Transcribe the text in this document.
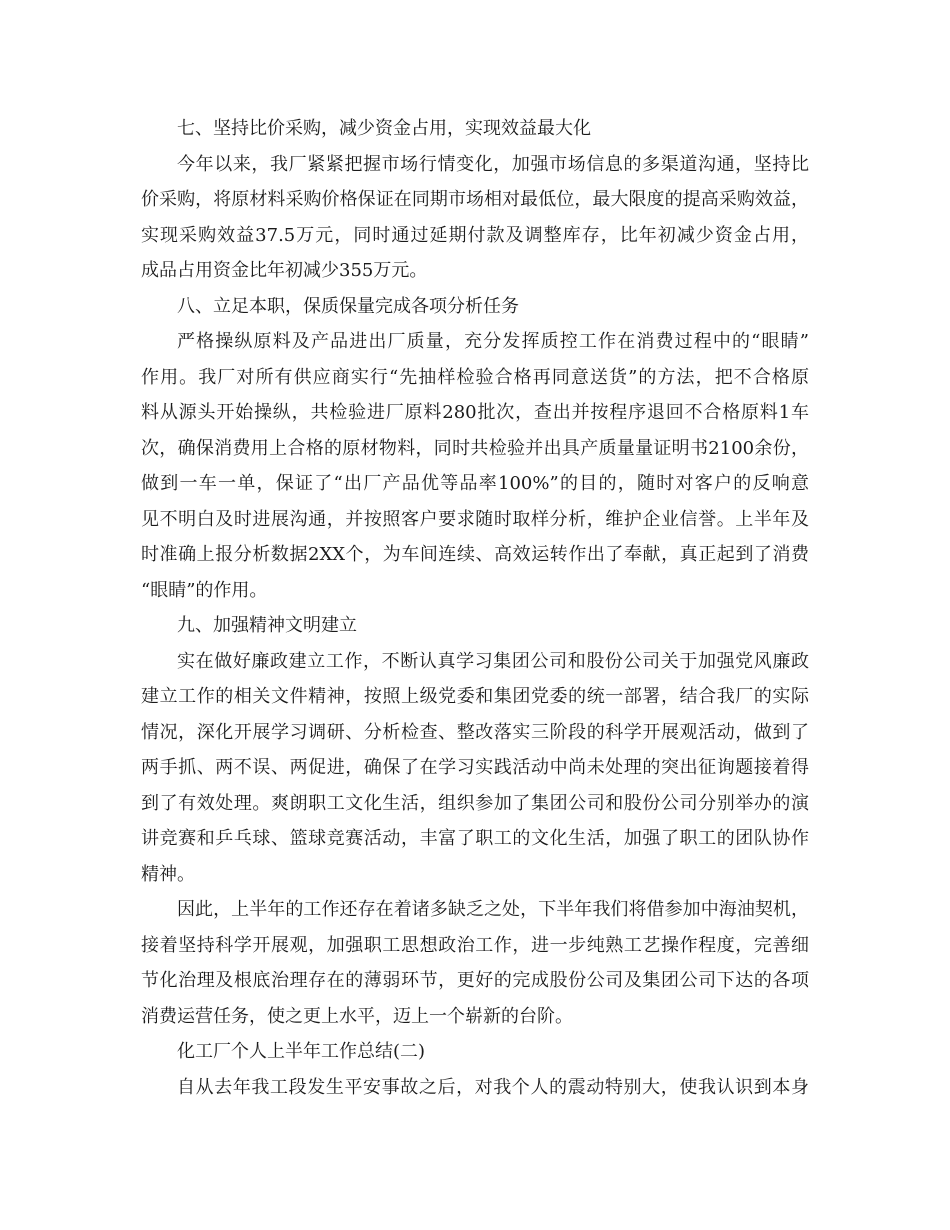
七、坚持比价采购，减少资金占用，实现效益最大化
今年以来，我厂紧紧把握市场行情变化，加强市场信息的多渠道沟通，坚持比
价采购，将原材料采购价格保证在同期市场相对最低位，最大限度的提高采购效益，
实现采购效益37.5万元，同时通过延期付款及调整库存，比年初减少资金占用，
成品占用资金比年初减少355万元。
八、立足本职，保质保量完成各项分析任务
严格操纵原料及产品进出厂质量，充分发挥质控工作在消费过程中的“眼睛”
作用。我厂对所有供应商实行“先抽样检验合格再同意送货”的方法，把不合格原
料从源头开始操纵，共检验进厂原料280批次，查出并按程序退回不合格原料1车
次，确保消费用上合格的原材物料，同时共检验并出具产质量量证明书2100余份，
做到一车一单，保证了“出厂产品优等品率100%”的目的，随时对客户的反响意
见不明白及时进展沟通，并按照客户要求随时取样分析，维护企业信誉。上半年及
时准确上报分析数据2XX个，为车间连续、高效运转作出了奉献，真正起到了消费
“眼睛”的作用。
九、加强精神文明建立
实在做好廉政建立工作，不断认真学习集团公司和股份公司关于加强党风廉政
建立工作的相关文件精神，按照上级党委和集团党委的统一部署，结合我厂的实际
情况，深化开展学习调研、分析检查、整改落实三阶段的科学开展观活动，做到了
两手抓、两不误、两促进，确保了在学习实践活动中尚未处理的突出征询题接着得
到了有效处理。爽朗职工文化生活，组织参加了集团公司和股份公司分别举办的演
讲竞赛和乒乓球、篮球竞赛活动，丰富了职工的文化生活，加强了职工的团队协作
精神。
因此，上半年的工作还存在着诸多缺乏之处，下半年我们将借参加中海油契机，
接着坚持科学开展观，加强职工思想政治工作，进一步纯熟工艺操作程度，完善细
节化治理及根底治理存在的薄弱环节，更好的完成股份公司及集团公司下达的各项
消费运营任务，使之更上水平，迈上一个崭新的台阶。
化工厂个人上半年工作总结(二)
自从去年我工段发生平安事故之后，对我个人的震动特别大，使我认识到本身
